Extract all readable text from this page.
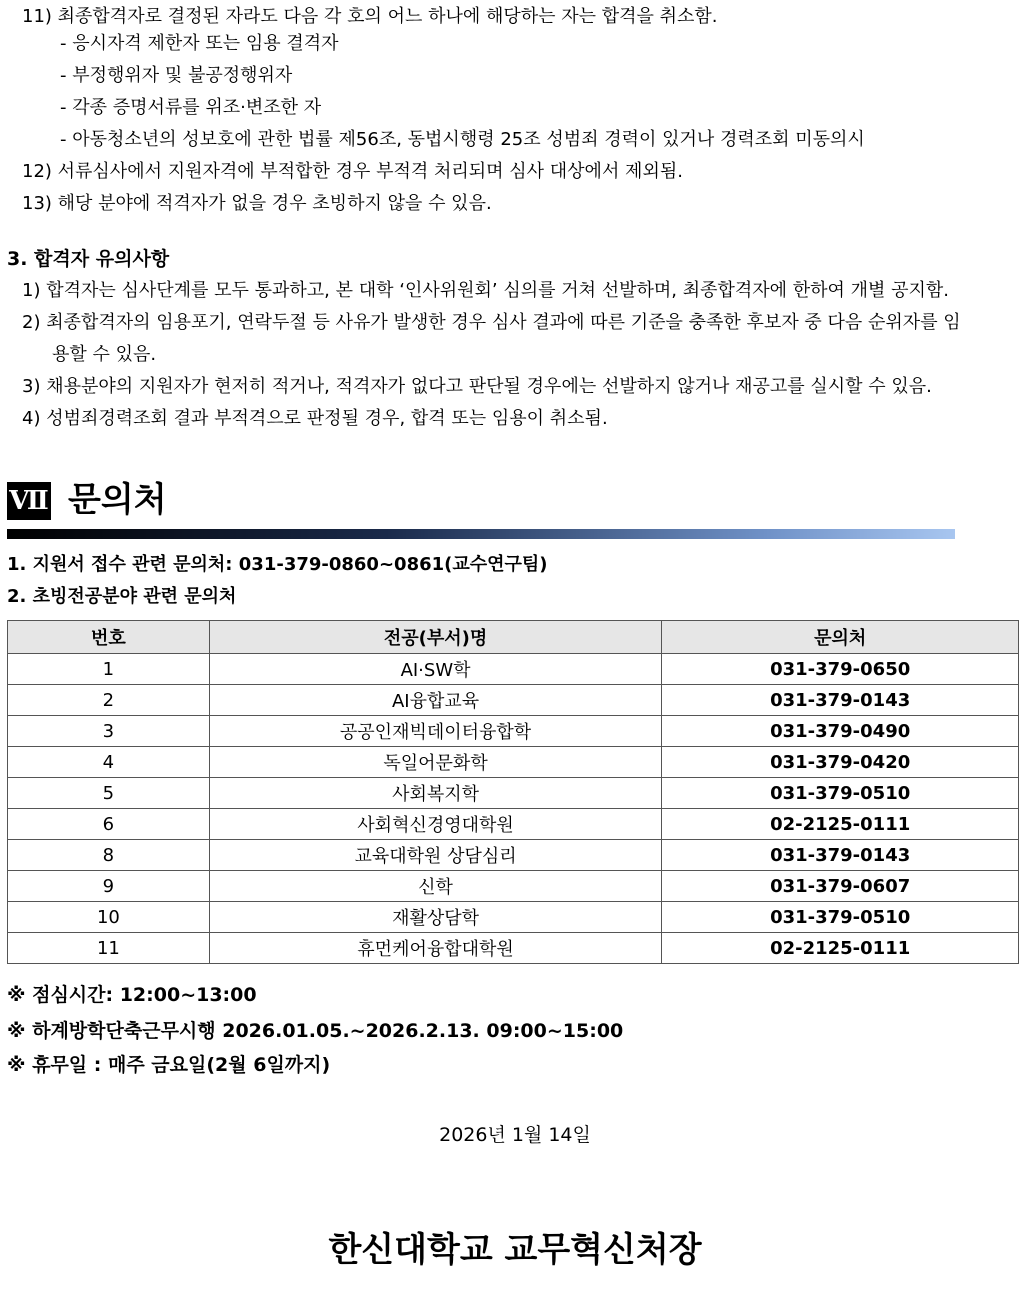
11) 최종합격자로 결정된 자라도 다음 각 호의 어느 하나에 해당하는 자는 합격을 취소함.
- 응시자격 제한자 또는 임용 결격자
- 부정행위자 및 불공정행위자
- 각종 증명서류를 위조·변조한 자
- 아동청소년의 성보호에 관한 법률 제56조, 동법시행령 25조 성범죄 경력이 있거나 경력조회 미동의시
12) 서류심사에서 지원자격에 부적합한 경우 부적격 처리되며 심사 대상에서 제외됨.
13) 해당 분야에 적격자가 없을 경우 초빙하지 않을 수 있음.
3. 합격자 유의사항
1) 합격자는 심사단계를 모두 통과하고, 본 대학 ‘인사위원회’ 심의를 거쳐 선발하며, 최종합격자에 한하여 개별 공지함.
2) 최종합격자의 임용포기, 연락두절 등 사유가 발생한 경우 심사 결과에 따른 기준을 충족한 후보자 중 다음 순위자를 임
용할 수 있음.
3) 채용분야의 지원자가 현저히 적거나, 적격자가 없다고 판단될 경우에는 선발하지 않거나 재공고를 실시할 수 있음.
4) 성범죄경력조회 결과 부적격으로 판정될 경우, 합격 또는 임용이 취소됨.
Ⅶ 문의처
1. 지원서 접수 관련 문의처: 031-379-0860~0861(교수연구팀)
2. 초빙전공분야 관련 문의처
번호	전공(부서)명	문의처
1	AI·SW학	031-379-0650
2	AI융합교육	031-379-0143
3	공공인재빅데이터융합학	031-379-0490
4	독일어문화학	031-379-0420
5	사회복지학	031-379-0510
6	사회혁신경영대학원	02-2125-0111
8	교육대학원 상담심리	031-379-0143
9	신학	031-379-0607
10	재활상담학	031-379-0510
11	휴먼케어융합대학원	02-2125-0111
※ 점심시간: 12:00~13:00
※ 하계방학단축근무시행 2026.01.05.~2026.2.13. 09:00~15:00
※ 휴무일 : 매주 금요일(2월 6일까지)
2026년 1월 14일
한신대학교 교무혁신처장
